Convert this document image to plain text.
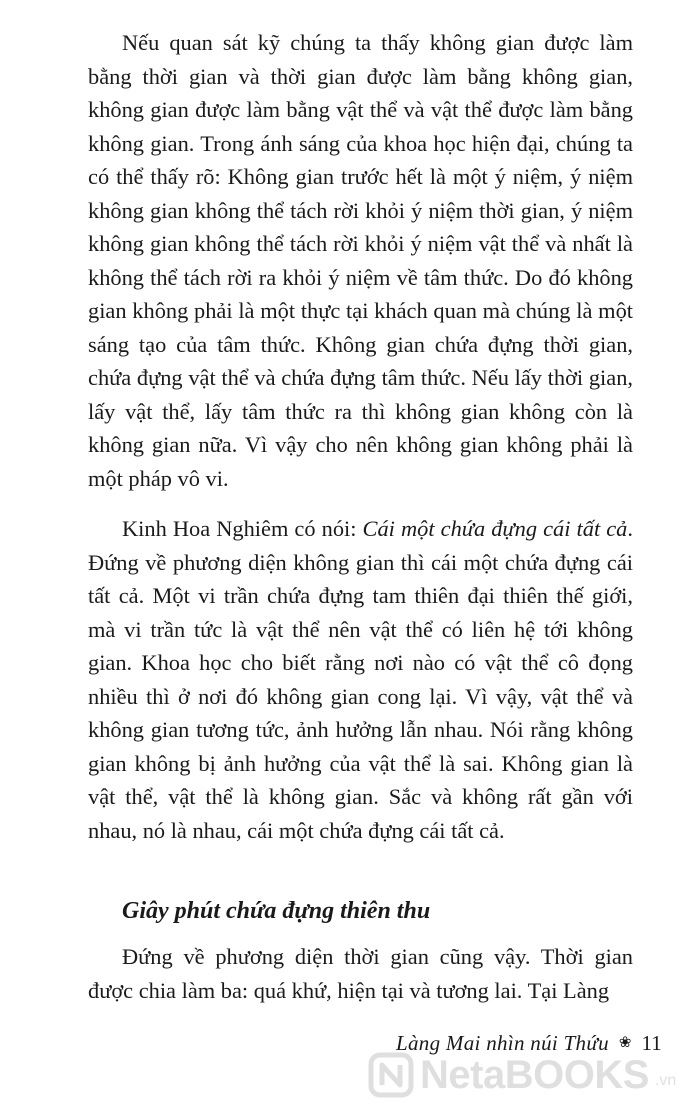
Nếu quan sát kỹ chúng ta thấy không gian được làm bằng thời gian và thời gian được làm bằng không gian, không gian được làm bằng vật thể và vật thể được làm bằng không gian. Trong ánh sáng của khoa học hiện đại, chúng ta có thể thấy rõ: Không gian trước hết là một ý niệm, ý niệm không gian không thể tách rời khỏi ý niệm thời gian, ý niệm không gian không thể tách rời khỏi ý niệm vật thể và nhất là không thể tách rời ra khỏi ý niệm về tâm thức. Do đó không gian không phải là một thực tại khách quan mà chúng là một sáng tạo của tâm thức. Không gian chứa đựng thời gian, chứa đựng vật thể và chứa đựng tâm thức. Nếu lấy thời gian, lấy vật thể, lấy tâm thức ra thì không gian không còn là không gian nữa. Vì vậy cho nên không gian không phải là một pháp vô vi.

Kinh Hoa Nghiêm có nói: Cái một chứa đựng cái tất cả. Đứng về phương diện không gian thì cái một chứa đựng cái tất cả. Một vi trần chứa đựng tam thiên đại thiên thế giới, mà vi trần tức là vật thể nên vật thể có liên hệ tới không gian. Khoa học cho biết rằng nơi nào có vật thể cô đọng nhiều thì ở nơi đó không gian cong lại. Vì vậy, vật thể và không gian tương tức, ảnh hưởng lẫn nhau. Nói rằng không gian không bị ảnh hưởng của vật thể là sai. Không gian là vật thể, vật thể là không gian. Sắc và không rất gần với nhau, nó là nhau, cái một chứa đựng cái tất cả.

Giây phút chứa đựng thiên thu

Đứng về phương diện thời gian cũng vậy. Thời gian được chia làm ba: quá khứ, hiện tại và tương lai. Tại Làng

Làng Mai nhìn núi Thứu ❀ 11
NetaBOOKS .vn
